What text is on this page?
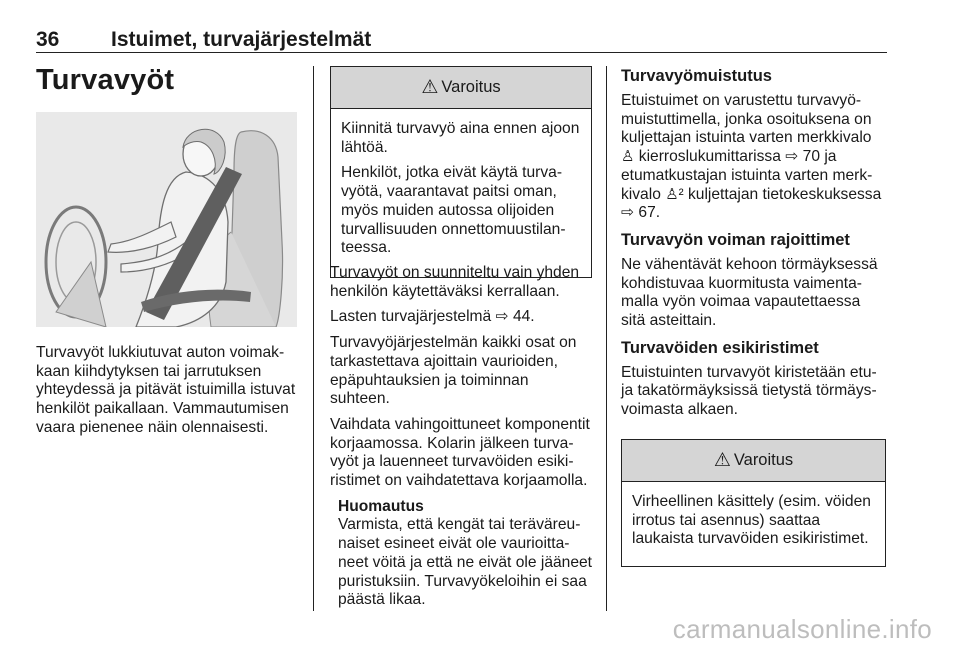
36 Istuimet, turvajärjestelmät
Turvavyöt

Turvavyöt lukkiutuvat auton voimakkaan kiihdytyksen tai jarrutuksen yhteydessä ja pitävät istuimilla istuvat henkilöt paikallaan. Vammautumisen vaara pienenee näin olennaisesti.

⚠ Varoitus

Kiinnitä turvavyö aina ennen ajoon lähtöä.

Henkilöt, jotka eivät käytä turvavyötä, vaarantavat paitsi oman, myös muiden autossa olijoiden turvallisuuden onnettomuustilanteessa.

Turvavyöt on suunniteltu vain yhden henkilön käytettäväksi kerrallaan.

Lasten turvajärjestelmä ⇨ 44.

Turvavyöjärjestelmän kaikki osat on tarkastettava ajoittain vaurioiden, epäpuhtauksien ja toiminnan suhteen.

Vaihdata vahingoittuneet komponentit korjaamossa. Kolarin jälkeen turvavyöt ja lauenneet turvavöiden esikiristimet on vaihdatettava korjaamolla.

Huomautus
Varmista, että kengät tai teräväreunaiset esineet eivät ole vaurioittaneet vöitä ja että ne eivät ole jääneet puristuksiin. Turvavyökeloihin ei saa päästä likaa.
Turvavyömuistutus

Etuistuimet on varustettu turvavyömuistuttimella, jonka osoituksena on kuljettajan istuinta varten merkkivalo ♙ kierroslukumittarissa ⇨ 70 ja etumatkustajan istuinta varten merkkivalo ♙² kuljettajan tietokeskuksessa ⇨ 67.

Turvavyön voiman rajoittimet

Ne vähentävät kehoon törmäyksessä kohdistuvaa kuormitusta vaimentamalla vyön voimaa vapautettaessa sitä asteittain.

Turvavöiden esikiristimet

Etuistuinten turvavyöt kiristetään etu- ja takatörmäyksissä tietystä törmäysvoimasta alkaen.

⚠ Varoitus

Virheellinen käsittely (esim. vöiden irrotus tai asennus) saattaa laukaista turvavöiden esikiristimet.

carmanualsonline.info
